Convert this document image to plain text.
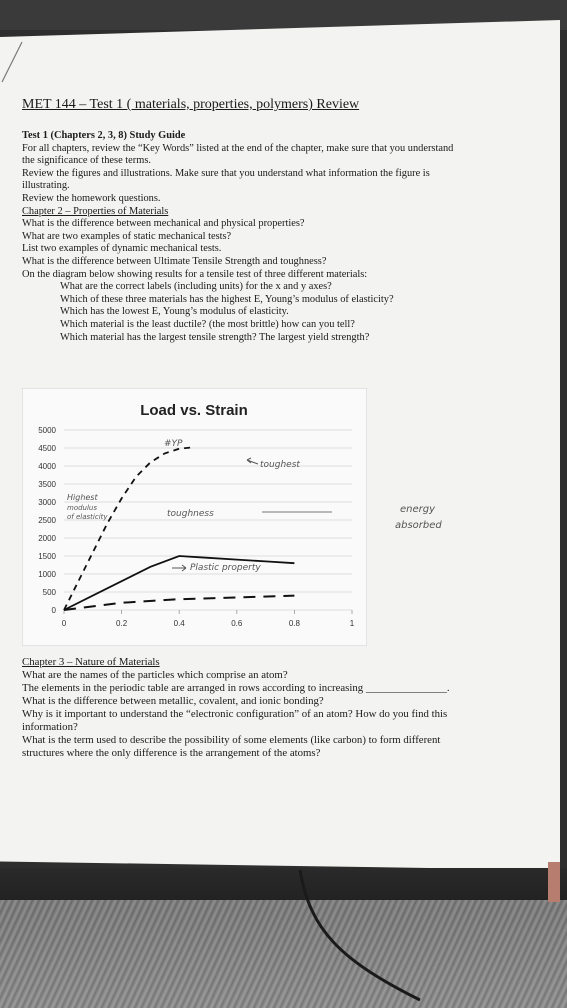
MET 144 – Test 1 ( materials, properties, polymers) Review
Test 1 (Chapters 2, 3, 8) Study Guide
For all chapters, review the “Key Words” listed at the end of the chapter, make sure that you understand
the significance of these terms.
Review the figures and illustrations. Make sure that you understand what information the figure is
illustrating.
Review the homework questions.
Chapter 2 – Properties of Materials
What is the difference between mechanical and physical properties?
What are two examples of static mechanical tests?
List two examples of dynamic mechanical tests.
What is the difference between Ultimate Tensile Strength and toughness?
On the diagram below showing results for a tensile test of three different materials:
What are the correct labels (including units) for the x and y axes?
Which of these three materials has the highest E, Young’s modulus of elasticity?
Which has the lowest E, Young’s modulus of elasticity.
Which material is the least ductile? (the most brittle) how can you tell?
Which material has the largest tensile strength? The largest yield strength?
Load vs. Strain
0
500
1000
1500
2000
2500
3000
3500
4000
4500
5000
0	0.2	0.4	0.6	0.8	1
#YP
toughest
Highest
modulus
of elasticity	toughness
Plastic property
energy
absorbed
Chapter 3 – Nature of Materials
What are the names of the particles which comprise an atom?
The elements in the periodic table are arranged in rows according to increasing _______________.
What is the difference between metallic, covalent, and ionic bonding?
Why is it important to understand the “electronic configuration” of an atom? How do you find this
information?
What is the term used to describe the possibility of some elements (like carbon) to form different
structures where the only difference is the arrangement of the atoms?
